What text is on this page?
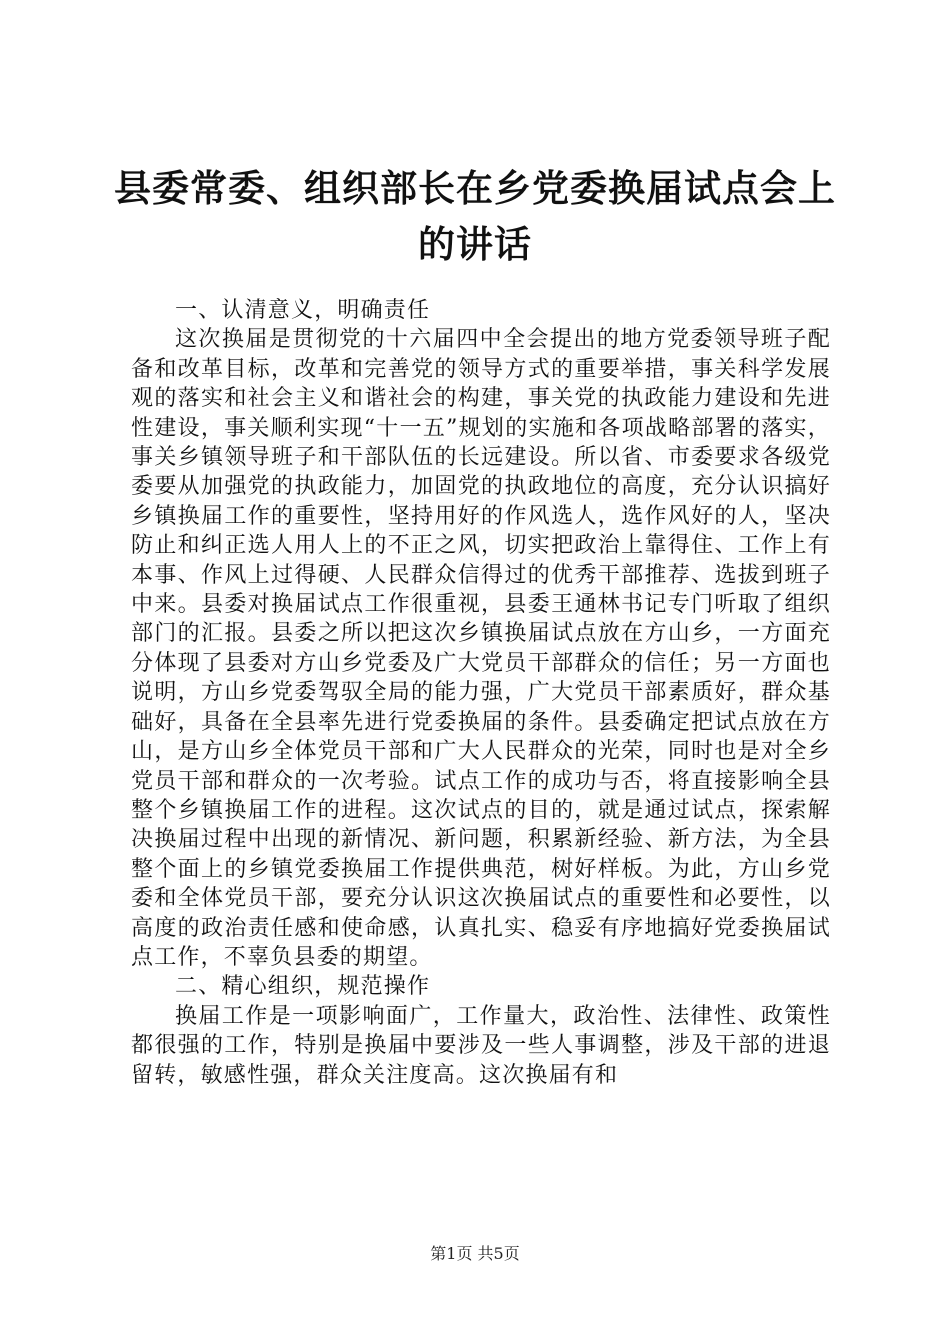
县委常委、组织部长在乡党委换届试点会上的讲话

一、认清意义，明确责任

这次换届是贯彻党的十六届四中全会提出的地方党委领导班子配备和改革目标，改革和完善党的领导方式的重要举措，事关科学发展观的落实和社会主义和谐社会的构建，事关党的执政能力建设和先进性建设，事关顺利实现“十一五”规划的实施和各项战略部署的落实，事关乡镇领导班子和干部队伍的长远建设。所以省、市委要求各级党委要从加强党的执政能力，加固党的执政地位的高度，充分认识搞好乡镇换届工作的重要性，坚持用好的作风选人，选作风好的人，坚决防止和纠正选人用人上的不正之风，切实把政治上靠得住、工作上有本事、作风上过得硬、人民群众信得过的优秀干部推荐、选拔到班子中来。县委对换届试点工作很重视，县委王通林书记专门听取了组织部门的汇报。县委之所以把这次乡镇换届试点放在方山乡，一方面充分体现了县委对方山乡党委及广大党员干部群众的信任；另一方面也说明，方山乡党委驾驭全局的能力强，广大党员干部素质好，群众基础好，具备在全县率先进行党委换届的条件。县委确定把试点放在方山，是方山乡全体党员干部和广大人民群众的光荣，同时也是对全乡党员干部和群众的一次考验。试点工作的成功与否，将直接影响全县整个乡镇换届工作的进程。这次试点的目的，就是通过试点，探索解决换届过程中出现的新情况、新问题，积累新经验、新方法，为全县整个面上的乡镇党委换届工作提供典范，树好样板。为此，方山乡党委和全体党员干部，要充分认识这次换届试点的重要性和必要性，以高度的政治责任感和使命感，认真扎实、稳妥有序地搞好党委换届试点工作，不辜负县委的期望。

二、精心组织，规范操作

换届工作是一项影响面广，工作量大，政治性、法律性、政策性都很强的工作，特别是换届中要涉及一些人事调整，涉及干部的进退留转，敏感性强，群众关注度高。这次换届有和

第1页 共5页
